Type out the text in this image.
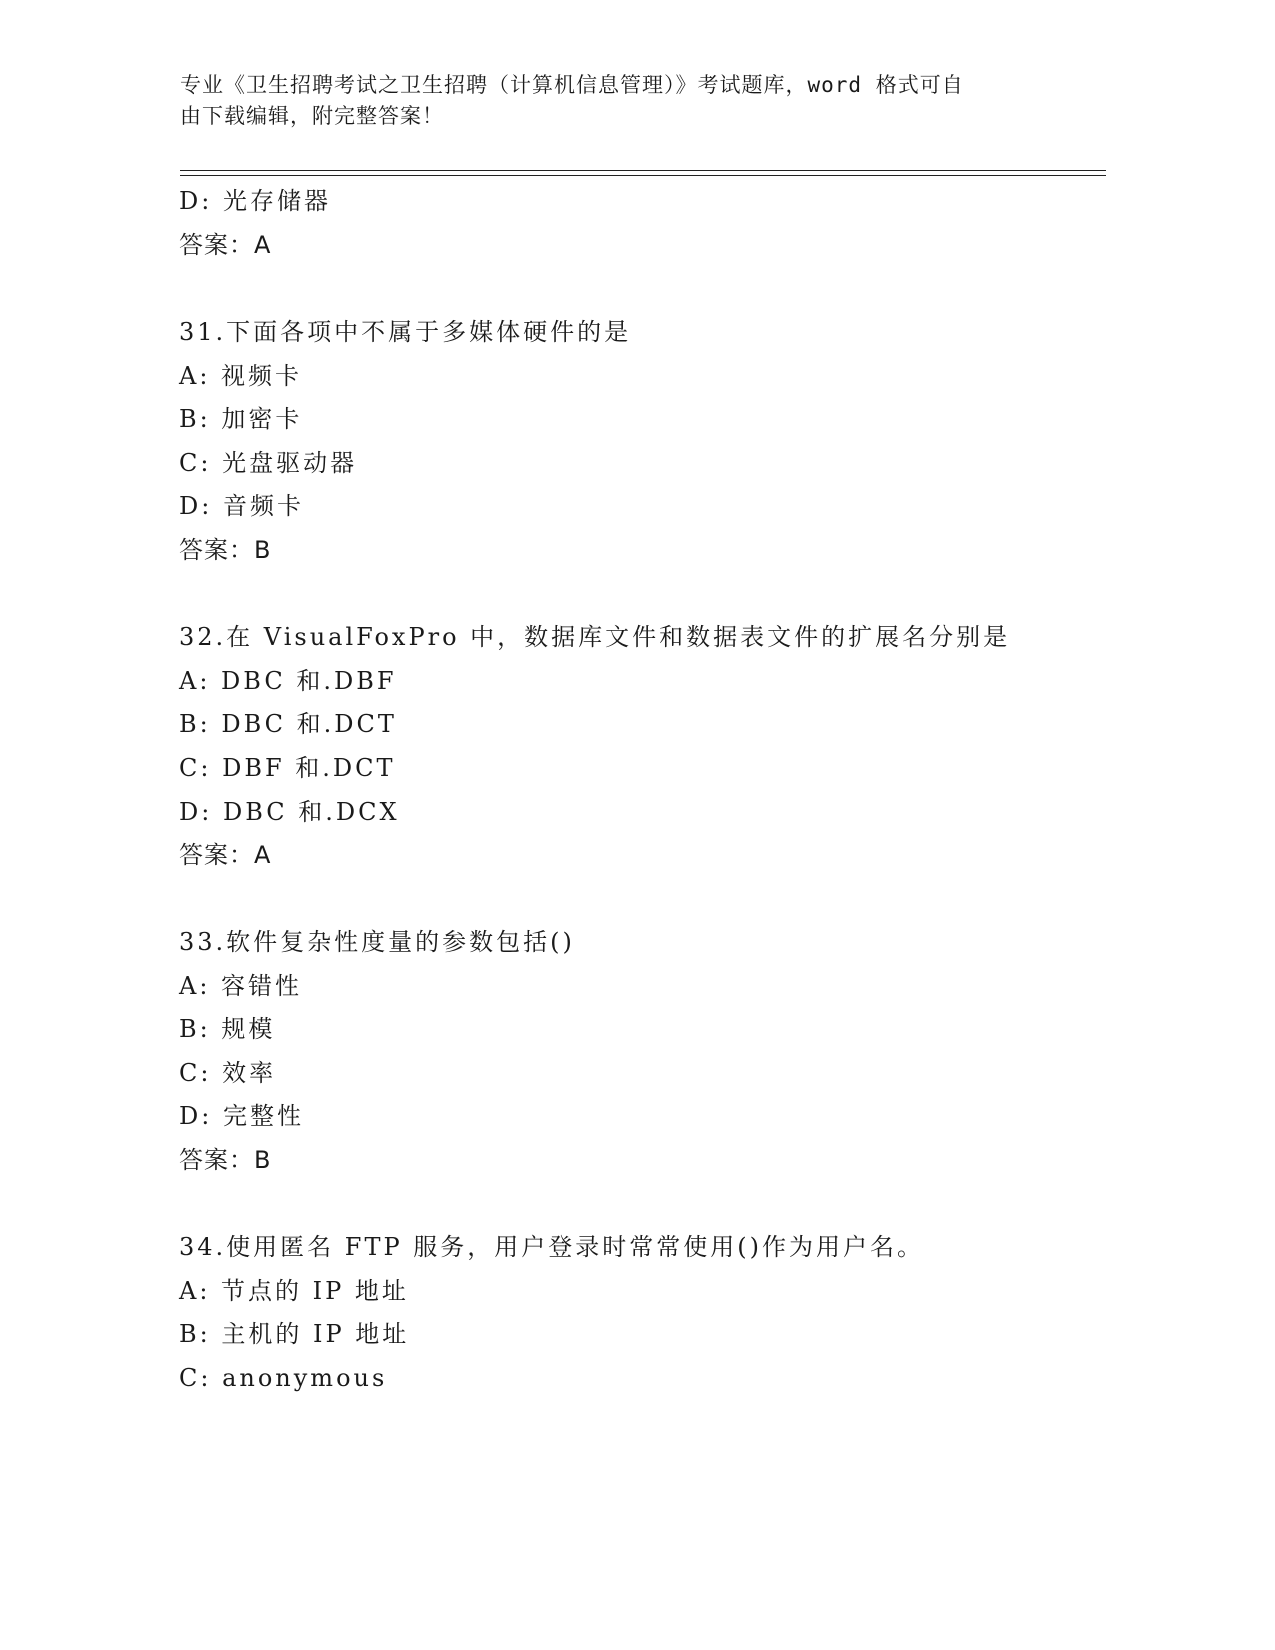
专业《卫生招聘考试之卫生招聘（计算机信息管理）》考试题库，word 格式可自
由下载编辑，附完整答案！
D: 光存储器
答案：A
31.下面各项中不属于多媒体硬件的是
A: 视频卡
B: 加密卡
C: 光盘驱动器
D: 音频卡
答案：B
32.在 VisualFoxPro 中，数据库文件和数据表文件的扩展名分别是
A: DBC 和.DBF
B: DBC 和.DCT
C: DBF 和.DCT
D: DBC 和.DCX
答案：A
33.软件复杂性度量的参数包括()
A: 容错性
B: 规模
C: 效率
D: 完整性
答案：B
34.使用匿名 FTP 服务，用户登录时常常使用()作为用户名。
A: 节点的 IP 地址
B: 主机的 IP 地址
C: anonymous
